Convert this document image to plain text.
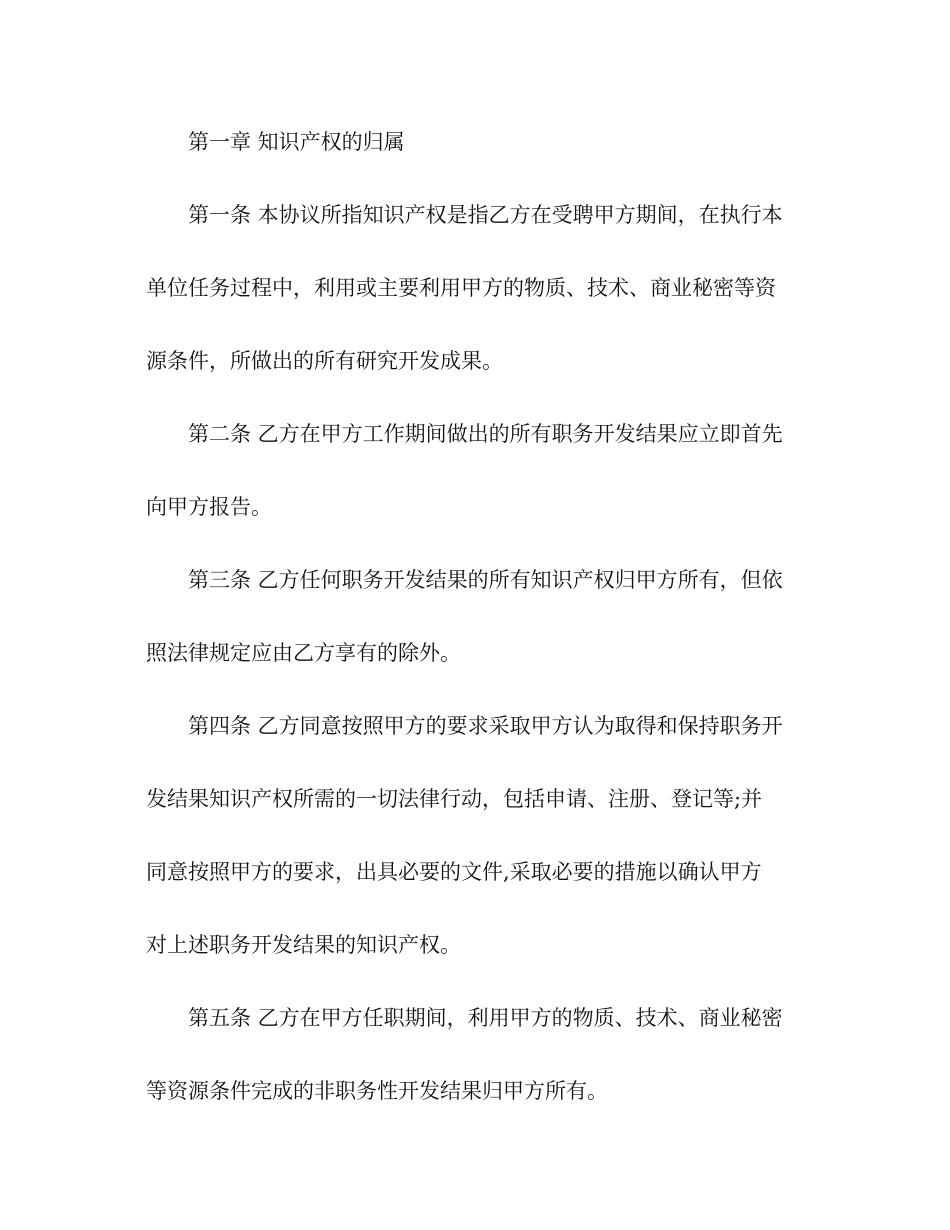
第一章 知识产权的归属
第一条 本协议所指知识产权是指乙方在受聘甲方期间，在执行本
单位任务过程中，利用或主要利用甲方的物质、技术、商业秘密等资
源条件，所做出的所有研究开发成果。
第二条 乙方在甲方工作期间做出的所有职务开发结果应立即首先
向甲方报告。
第三条 乙方任何职务开发结果的所有知识产权归甲方所有，但依
照法律规定应由乙方享有的除外。
第四条 乙方同意按照甲方的要求采取甲方认为取得和保持职务开
发结果知识产权所需的一切法律行动，包括申请、注册、登记等;并
同意按照甲方的要求，出具必要的文件,采取必要的措施以确认甲方
对上述职务开发结果的知识产权。
第五条 乙方在甲方任职期间，利用甲方的物质、技术、商业秘密
等资源条件完成的非职务性开发结果归甲方所有。
